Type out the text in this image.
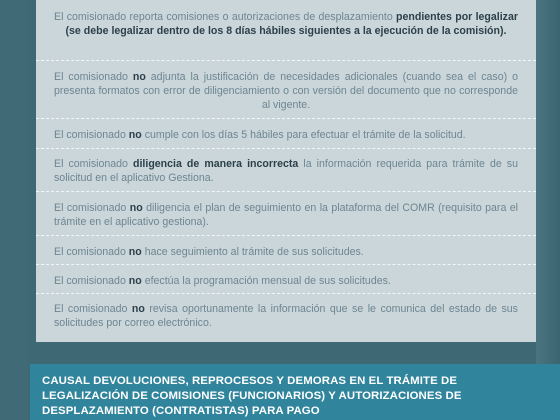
El comisionado reporta comisiones o autorizaciones de desplazamiento pendientes por legalizar (se debe legalizar dentro de los 8 días hábiles siguientes a la ejecución de la comisión).
El comisionado no adjunta la justificación de necesidades adicionales (cuando sea el caso) o presenta formatos con error de diligenciamiento o con versión del documento que no corresponde al vigente.
El comisionado no cumple con los días 5 hábiles para efectuar el trámite de la solicitud.
El comisionado diligencia de manera incorrecta la información requerida para trámite de su solicitud en el aplicativo Gestiona.
El comisionado no diligencia el plan de seguimiento en la plataforma del COMR (requisito para el trámite en el aplicativo gestiona).
El comisionado no hace seguimiento al trámite de sus solicitudes.
El comisionado no efectúa la programación mensual de sus solicitudes.
El comisionado no revisa oportunamente la información que se le comunica del estado de sus solicitudes por correo electrónico.
CAUSAL DEVOLUCIONES, REPROCESOS Y DEMORAS EN EL TRÁMITE DE LEGALIZACIÓN DE COMISIONES (FUNCIONARIOS) Y AUTORIZACIONES DE DESPLAZAMIENTO (CONTRATISTAS) PARA PAGO
